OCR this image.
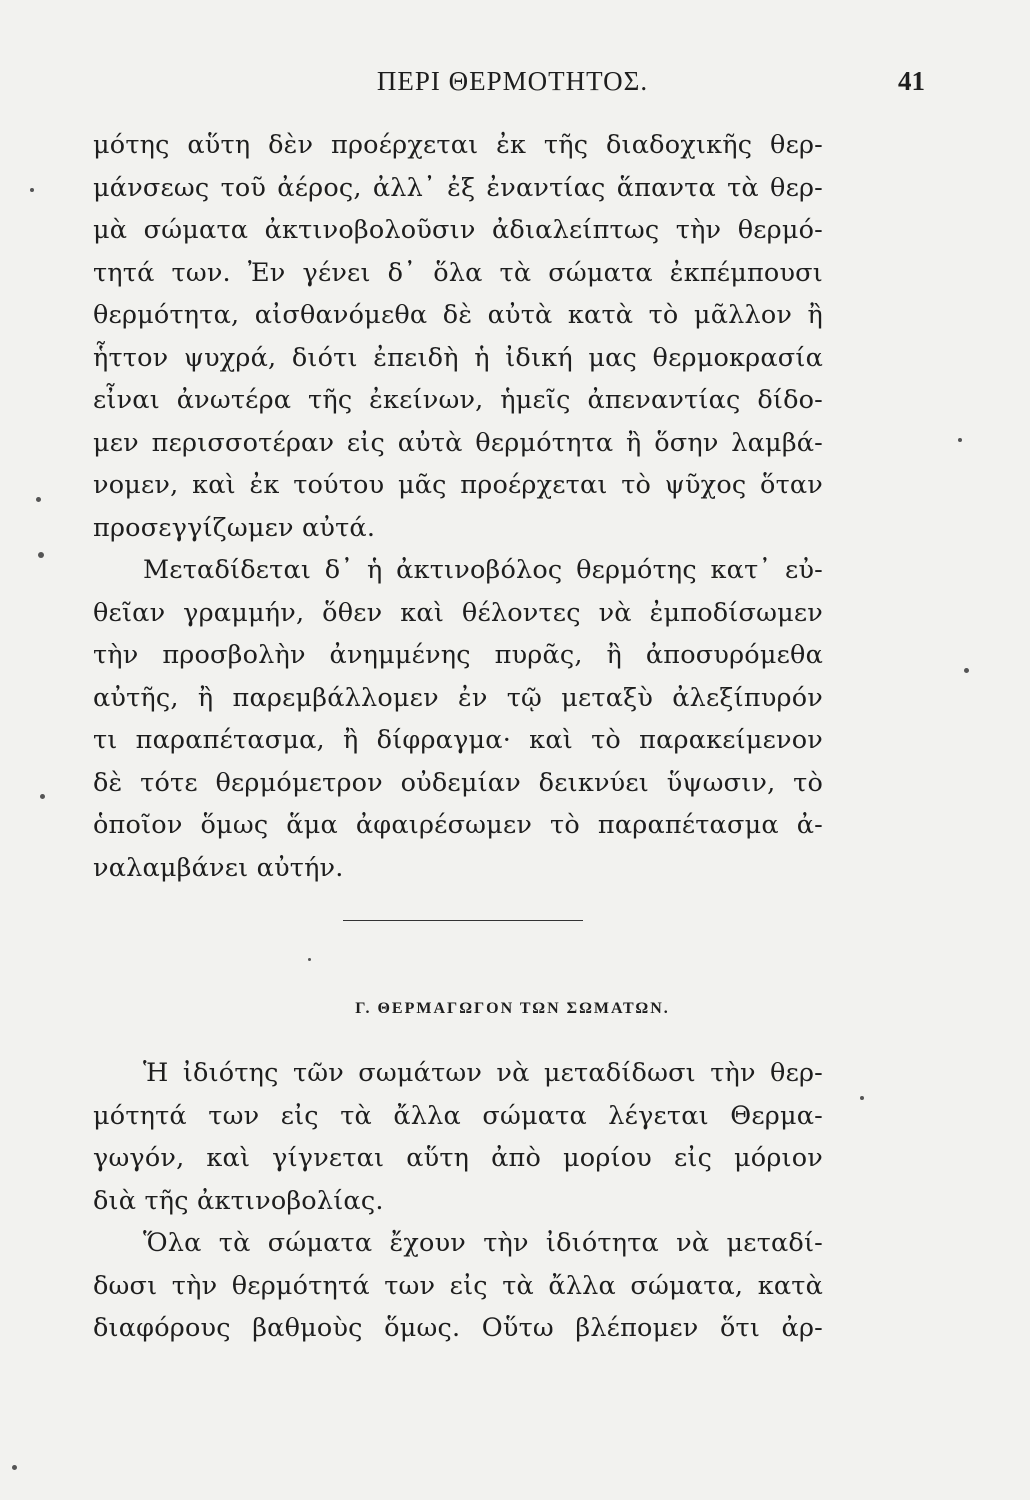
ΠΕΡΙ ΘΕΡΜΟΤΗΤΟΣ.	41
μότης αὕτη δὲν πρoέρχεται ἐκ τῆς διαδοχικῆς θερ-
μάνσεως τοῦ ἀέρος, ἀλλ᾽ ἐξ ἐναντίας ἅπαντα τὰ θερ-
μὰ σώματα ἀκτινοβολοῦσιν ἀδιαλείπτως τὴν θερμό-
τητά των. Ἐν γένει δ᾽ ὅλα τὰ σώματα ἐκπέμπουσι
θερμότητα, αἰσθανόμεθα δὲ αὐτὰ κατὰ τὸ μᾶλλον ἢ
ἧττον ψυχρά, διότι ἐπειδὴ ἡ ἰδική μας θερμοκρασία
εἶναι ἀνωτέρα τῆς ἐκείνων, ἡμεῖς ἀπεναντίας δίδο-
μεν περισσοτέραν εἰς αὐτὰ θερμότητα ἢ ὅσην λαμβά-
νομεν, καὶ ἐκ τούτου μᾶς προέρχεται τὸ ψῦχος ὅταν
προσεγγίζωμεν αὐτά.
Μεταδίδεται δ᾽ ἡ ἀκτινοβόλος θερμότης κατ᾽ εὐ-
θεῖαν γραμμήν, ὅθεν καὶ θέλοντες νὰ ἐμποδίσωμεν
τὴν προσβολὴν ἀνημμένης πυρᾶς, ἢ ἀποσυρόμεθα
αὐτῆς, ἢ παρεμβάλλομεν ἐν τῷ μεταξὺ ἀλεξίπυρόν
τι παραπέτασμα, ἢ δίφραγμα· καὶ τὸ παρακείμενον
δὲ τότε θερμόμετρον οὐδεμίαν δεικνύει ὕψωσιν, τὸ
ὁποῖον ὅμως ἅμα ἀφαιρέσωμεν τὸ παραπέτασμα ἀ-
ναλαμβάνει αὐτήν.
Γ. ΘΕΡΜΑΓΩΓΟΝ ΤΩΝ ΣΩΜΑΤΩΝ.
Ἡ ἰδιότης τῶν σωμάτων νὰ μεταδίδωσι τὴν θερ-
μότητά των εἰς τὰ ἄλλα σώματα λέγεται Θερμα-
γωγόν, καὶ γίγνεται αὕτη ἀπὸ μορίου εἰς μόριον
διὰ τῆς ἀκτινοβολίας.
Ὅλα τὰ σώματα ἔχουν τὴν ἰδιότητα νὰ μεταδί-
δωσι τὴν θερμότητά των εἰς τὰ ἄλλα σώματα, κατὰ
διαφόρους βαθμοὺς ὅμως. Οὕτω βλέπομεν ὅτι ἀρ-
